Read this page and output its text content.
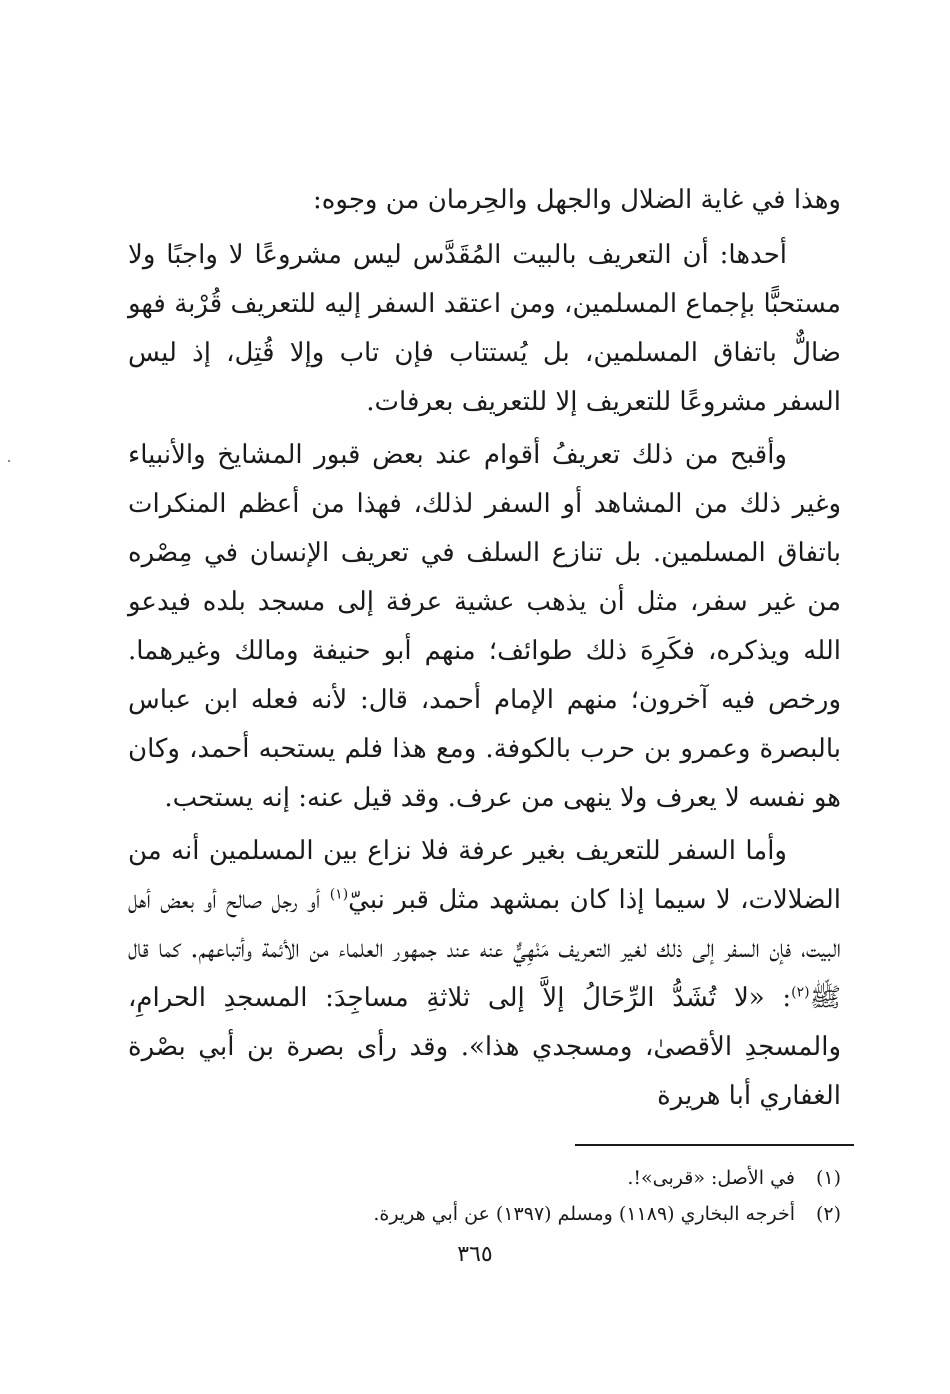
وهذا في غاية الضلال والجهل والحِرمان من وجوه:

أحدها: أن التعريف بالبيت المُقَدَّس ليس مشروعًا لا واجبًا ولا مستحبًّا بإجماع المسلمين، ومن اعتقد السفر إليه للتعريف قُرْبة فهو ضالٌّ باتفاق المسلمين، بل يُستتاب فإن تاب وإلا قُتِل، إذ ليس السفر مشروعًا للتعريف إلا للتعريف بعرفات.

وأقبح من ذلك تعريفُ أقوام عند بعض قبور المشايخ والأنبياء وغير ذلك من المشاهد أو السفر لذلك، فهذا من أعظم المنكرات باتفاق المسلمين. بل تنازع السلف في تعريف الإنسان في مِصْره من غير سفر، مثل أن يذهب عشية عرفة إلى مسجد بلده فيدعو الله ويذكره، فكَرِهَ ذلك طوائف؛ منهم أبو حنيفة ومالك وغيرهما. ورخص فيه آخرون؛ منهم الإمام أحمد، قال: لأنه فعله ابن عباس بالبصرة وعمرو بن حرب بالكوفة. ومع هذا فلم يستحبه أحمد، وكان هو نفسه لا يعرف ولا ينهى من عرف. وقد قيل عنه: إنه يستحب.

وأما السفر للتعريف بغير عرفة فلا نزاع بين المسلمين أنه من الضلالات، لا سيما إذا كان بمشهد مثل قبر نبيّ$^{(١)}$ أو رجل صالح أو بعض أهل البيت، فإن السفر إلى ذلك لغير التعريف مَنْهِيٌّ عنه عند جمهور العلماء من الأئمة وأتباعهم. كما قال ﷺ$^{(٢)}$: «لا تُشَدُّ الرِّحَالُ إلاَّ إلى ثلاثةِ مساجِدَ: المسجدِ الحرامِ، والمسجدِ الأقصىٰ، ومسجدي هذا». وقد رأى بصرة بن أبي بصْرة الغفاري أبا هريرة

(١)في الأصل: «قربى»!.

(٢)أخرجه البخاري (١١٨٩) ومسلم (١٣٩٧) عن أبي هريرة.

٣٦٥
